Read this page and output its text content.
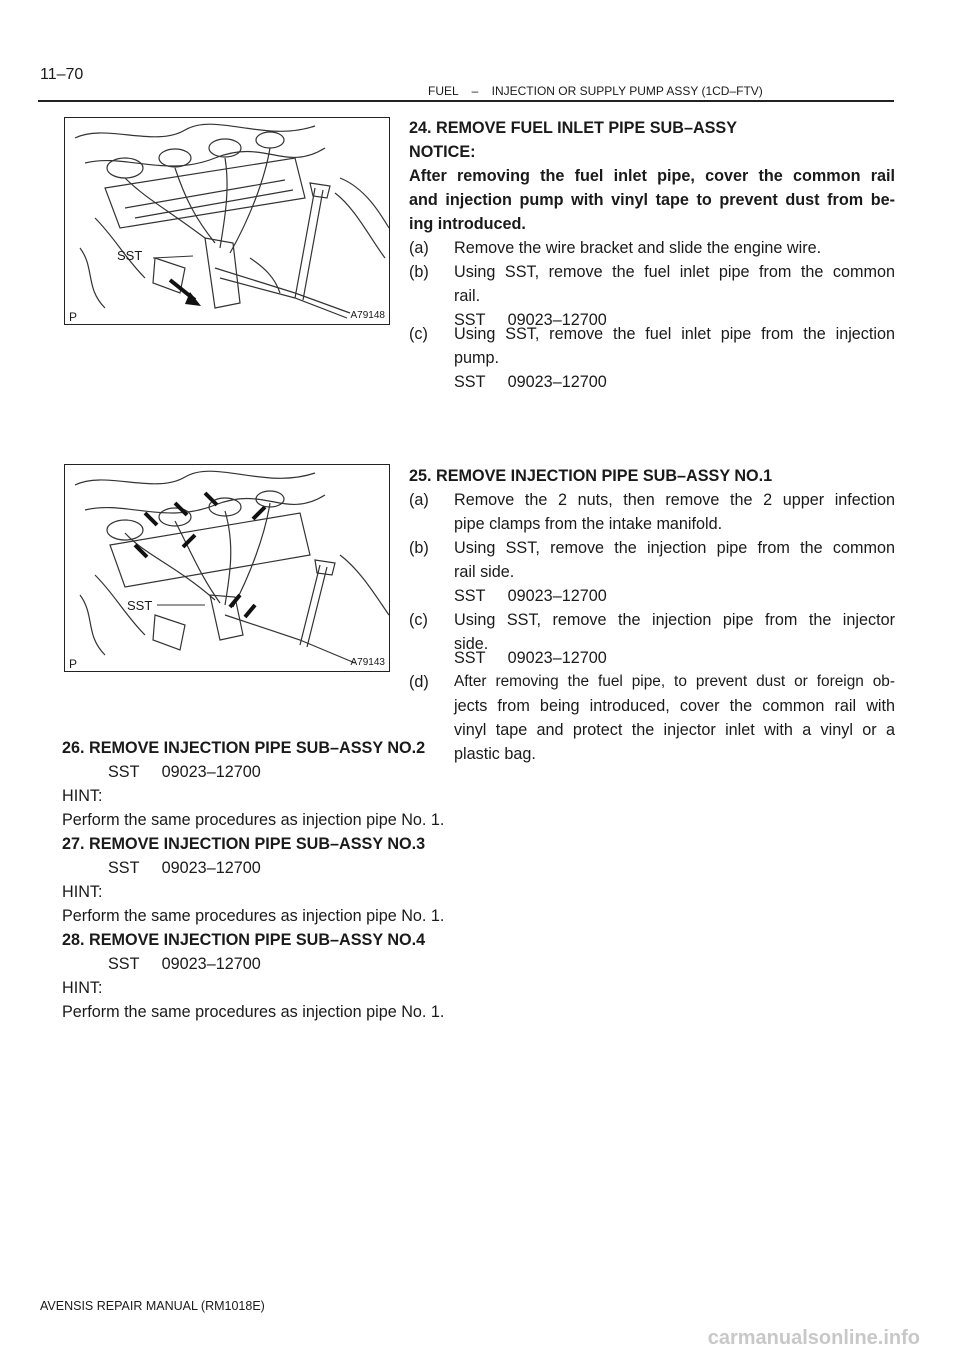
11–70
FUEL – INJECTION OR SUPPLY PUMP ASSY (1CD–FTV)
SST
P	A79148
SST
P	A79143
24. REMOVE FUEL INLET PIPE SUB–ASSY
NOTICE:
After removing the fuel inlet pipe, cover the common rail
and injection pump with vinyl tape to prevent dust from be-
ing introduced.
(a) Remove the wire bracket and slide the engine wire.
(b) Using SST, remove the fuel inlet pipe from the common
rail.
SST     09023–12700
(c) Using SST, remove the fuel inlet pipe from the injection
pump.
SST     09023–12700
25. REMOVE INJECTION PIPE SUB–ASSY NO.1
(a) Remove the 2 nuts, then remove the 2 upper infection
pipe clamps from the intake manifold.
(b) Using SST, remove the injection pipe from the common
rail side.
SST     09023–12700
(c) Using SST, remove the injection pipe from the injector
side.
SST     09023–12700
(d) After removing the fuel pipe, to prevent dust or foreign ob-
jects from being introduced, cover the common rail with
vinyl tape and protect the injector inlet with a vinyl or a
plastic bag.
26. REMOVE INJECTION PIPE SUB–ASSY NO.2
SST     09023–12700
HINT:
Perform the same procedures as injection pipe No. 1.
27. REMOVE INJECTION PIPE SUB–ASSY NO.3
SST     09023–12700
HINT:
Perform the same procedures as injection pipe No. 1.
28. REMOVE INJECTION PIPE SUB–ASSY NO.4
SST     09023–12700
HINT:
Perform the same procedures as injection pipe No. 1.
AVENSIS REPAIR MANUAL (RM1018E)
carmanualsonline.info
